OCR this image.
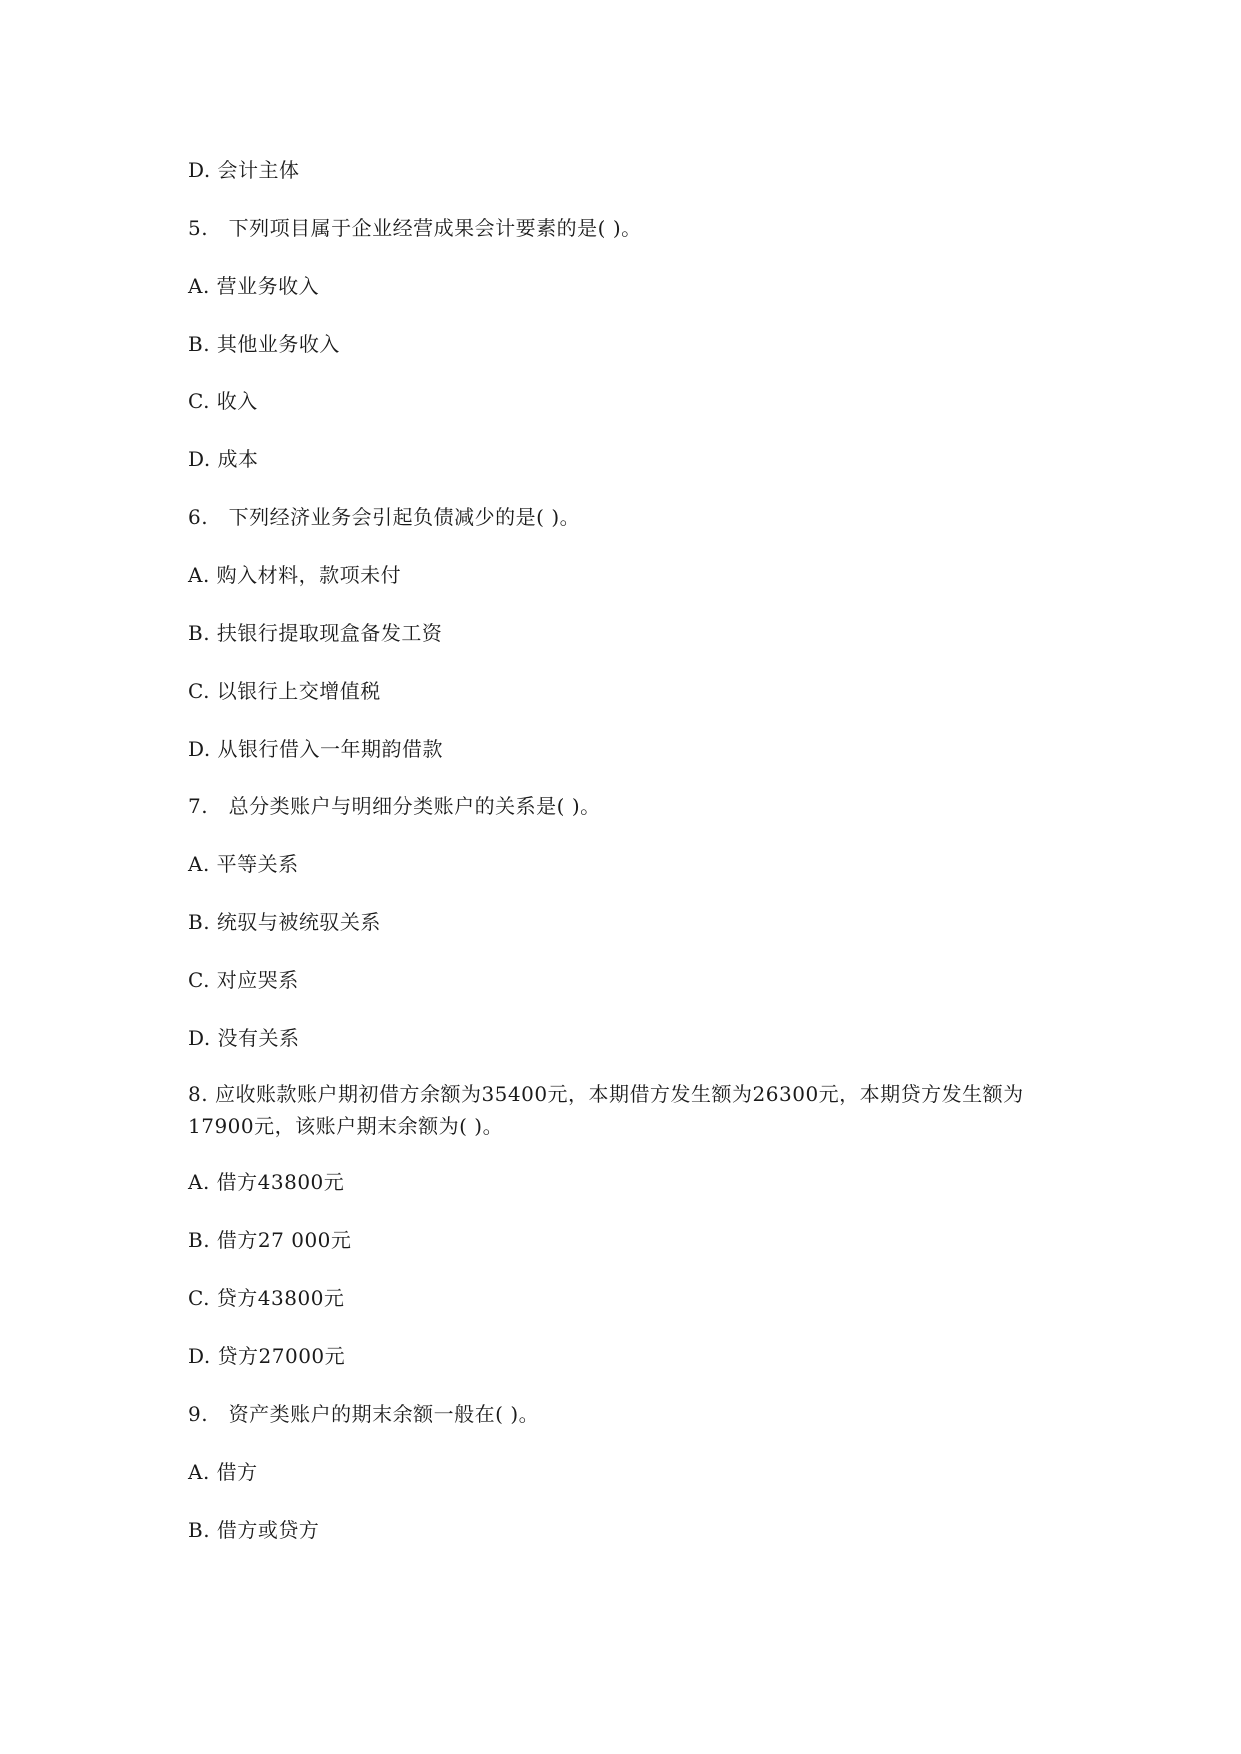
D. 会计主体
5.   下列项目属于企业经营成果会计要素的是( )。
A. 营业务收入
B. 其他业务收入
C. 收入
D. 成本
6.   下列经济业务会引起负债减少的是( )。
A. 购入材料，款项未付
B. 扶银行提取现盒备发工资
C. 以银行上交增值税
D. 从银行借入一年期韵借款
7.   总分类账户与明细分类账户的关系是( )。
A. 平等关系
B. 统驭与被统驭关系
C. 对应哭系
D. 没有关系
8. 应收账款账户期初借方余额为35400元，本期借方发生额为26300元，本期贷方发生额为17900元，该账户期末余额为( )。
A. 借方43800元
B. 借方27 000元
C. 贷方43800元
D. 贷方27000元
9.   资产类账户的期末余额一般在( )。
A. 借方
B. 借方或贷方
